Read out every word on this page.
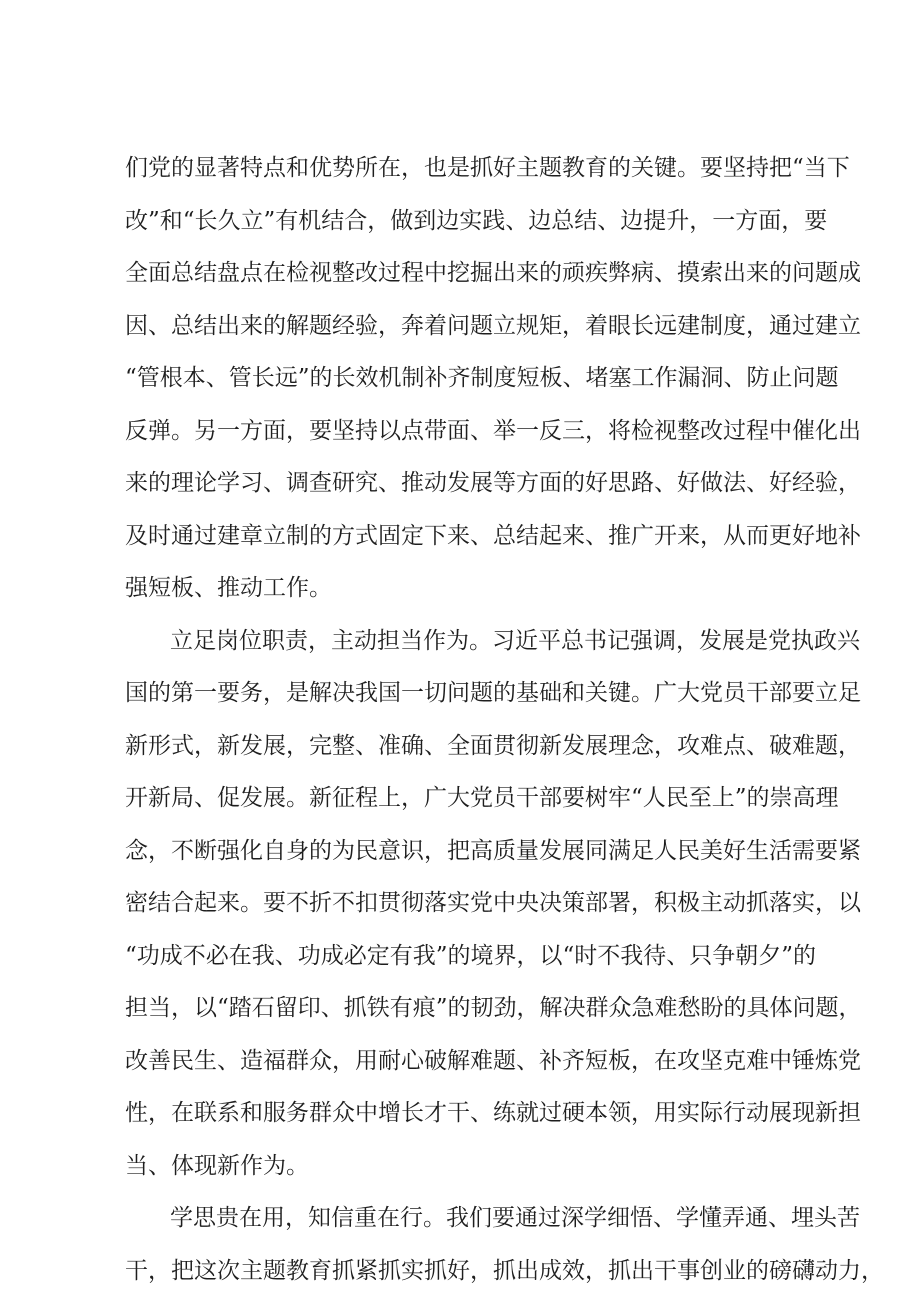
们党的显著特点和优势所在，也是抓好主题教育的关键。要坚持把“当下
改”和“长久立”有机结合，做到边实践、边总结、边提升，一方面，要
全面总结盘点在检视整改过程中挖掘出来的顽疾弊病、摸索出来的问题成
因、总结出来的解题经验，奔着问题立规矩，着眼长远建制度，通过建立
“管根本、管长远”的长效机制补齐制度短板、堵塞工作漏洞、防止问题
反弹。另一方面，要坚持以点带面、举一反三，将检视整改过程中催化出
来的理论学习、调查研究、推动发展等方面的好思路、好做法、好经验，
及时通过建章立制的方式固定下来、总结起来、推广开来，从而更好地补
强短板、推动工作。
立足岗位职责，主动担当作为。习近平总书记强调，发展是党执政兴
国的第一要务，是解决我国一切问题的基础和关键。广大党员干部要立足
新形式，新发展，完整、准确、全面贯彻新发展理念，攻难点、破难题，
开新局、促发展。新征程上，广大党员干部要树牢“人民至上”的崇高理
念，不断强化自身的为民意识，把高质量发展同满足人民美好生活需要紧
密结合起来。要不折不扣贯彻落实党中央决策部署，积极主动抓落实，以
“功成不必在我、功成必定有我”的境界，以“时不我待、只争朝夕”的
担当，以“踏石留印、抓铁有痕”的韧劲，解决群众急难愁盼的具体问题，
改善民生、造福群众，用耐心破解难题、补齐短板，在攻坚克难中锤炼党
性，在联系和服务群众中增长才干、练就过硬本领，用实际行动展现新担
当、体现新作为。
学思贵在用，知信重在行。我们要通过深学细悟、学懂弄通、埋头苦
干，把这次主题教育抓紧抓实抓好，抓出成效，抓出干事创业的磅礴动力，
